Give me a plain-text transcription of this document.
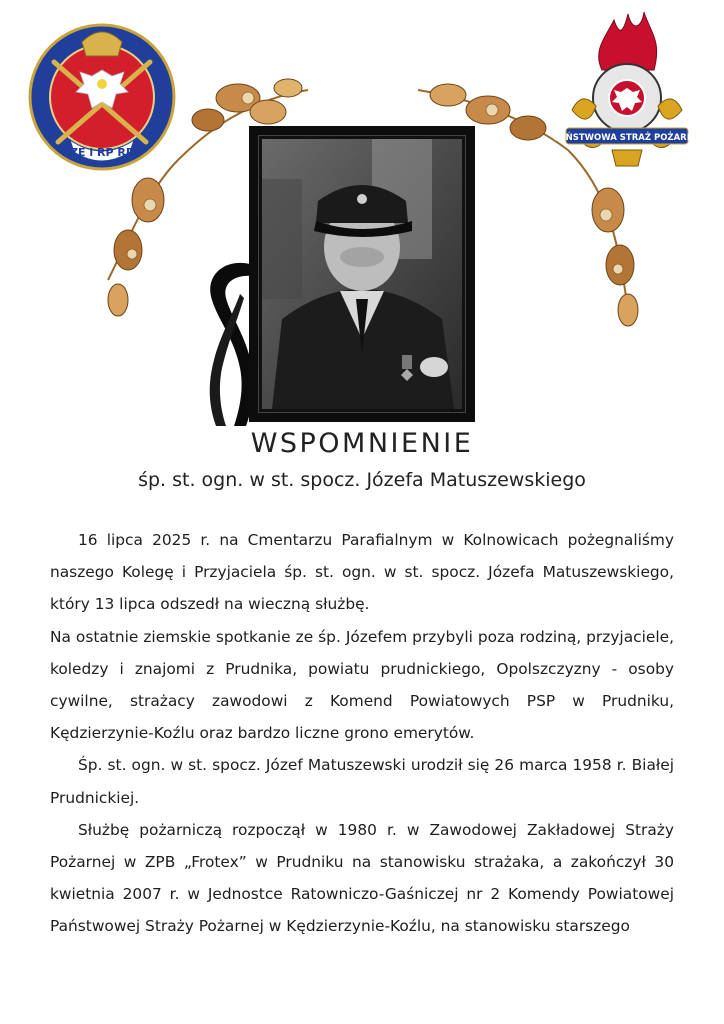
ZE i RP RP
PAŃSTWOWA STRAŻ POŻARNA
WSPOMNIENIE
śp. st. ogn. w st. spocz. Józefa Matuszewskiego

16 lipca 2025 r. na Cmentarzu Parafialnym w Kolnowicach pożegnaliśmy naszego Kolegę i Przyjaciela śp. st. ogn. w st. spocz. Józefa Matuszewskiego, który 13 lipca odszedł na wieczną służbę.

Na ostatnie ziemskie spotkanie ze śp. Józefem przybyli poza rodziną, przyjaciele, koledzy i znajomi z Prudnika, powiatu prudnickiego, Opolszczyzny - osoby cywilne, strażacy zawodowi z Komend Powiatowych PSP w Prudniku, Kędzierzynie-Koźlu oraz bardzo liczne grono emerytów.

Śp. st. ogn. w st. spocz. Józef Matuszewski urodził się 26 marca 1958 r. Białej Prudnickiej.

Służbę pożarniczą rozpoczął w 1980 r. w Zawodowej Zakładowej Straży Pożarnej w ZPB „Frotex” w Prudniku na stanowisku strażaka, a zakończył 30 kwietnia 2007 r. w Jednostce Ratowniczo-Gaśniczej nr 2 Komendy Powiatowej Państwowej Straży Pożarnej w Kędzierzynie-Koźlu, na stanowisku starszego
